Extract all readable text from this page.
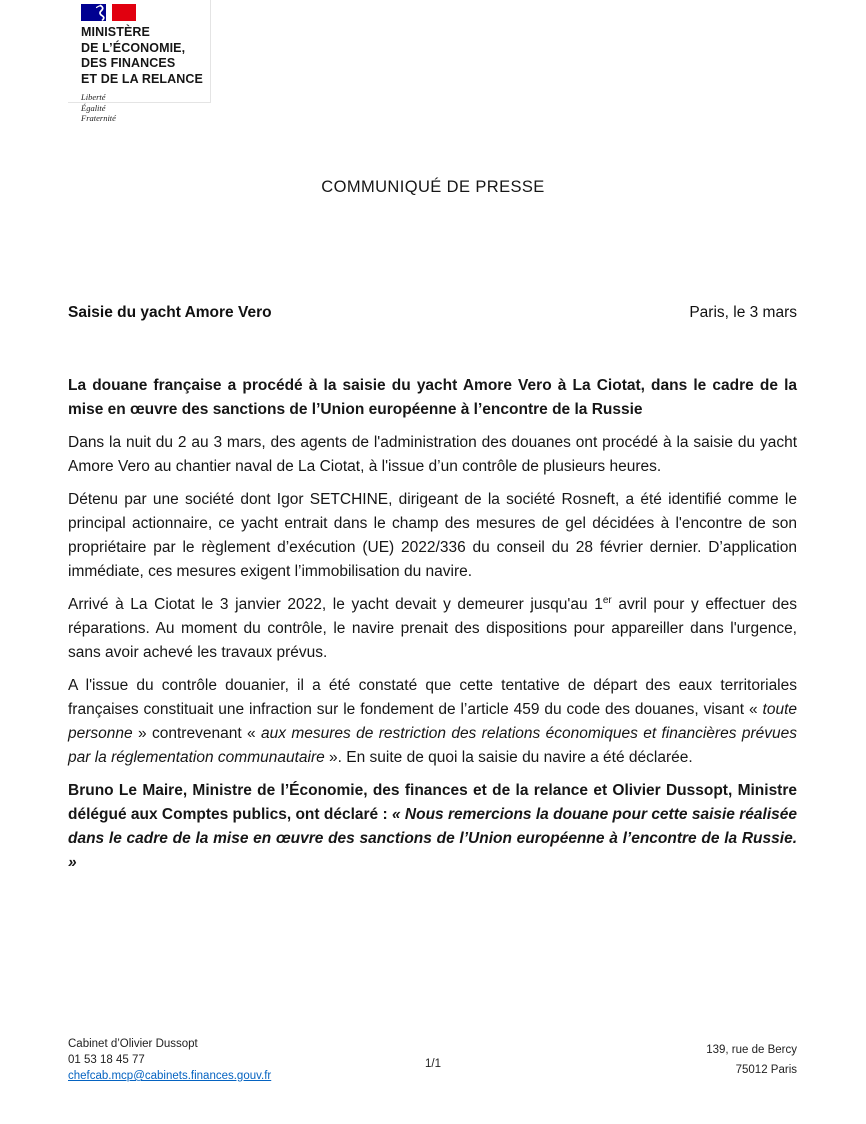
MINISTÈRE
DE L’ÉCONOMIE,
DES FINANCES
ET DE LA RELANCE
Liberté
Égalité
Fraternité
COMMUNIQUÉ DE PRESSE
Saisie du yacht Amore Vero	Paris, le 3 mars

La douane française a procédé à la saisie du yacht Amore Vero à La Ciotat, dans le cadre de la mise en œuvre des sanctions de l’Union européenne à l’encontre de la Russie

Dans la nuit du 2 au 3 mars, des agents de l'administration des douanes ont procédé à la saisie du yacht Amore Vero au chantier naval de La Ciotat, à l'issue d’un contrôle de plusieurs heures.

Détenu par une société dont Igor SETCHINE, dirigeant de la société Rosneft, a été identifié comme le principal actionnaire, ce yacht entrait dans le champ des mesures de gel décidées à l'encontre de son propriétaire par le règlement d’exécution (UE) 2022/336 du conseil du 28 février dernier. D’application immédiate, ces mesures exigent l’immobilisation du navire.

Arrivé à La Ciotat le 3 janvier 2022, le yacht devait y demeurer jusqu'au 1er avril pour y effectuer des réparations. Au moment du contrôle, le navire prenait des dispositions pour appareiller dans l'urgence, sans avoir achevé les travaux prévus.

A l'issue du contrôle douanier, il a été constaté que cette tentative de départ des eaux territoriales françaises constituait une infraction sur le fondement de l’article 459 du code des douanes, visant « toute personne » contrevenant « aux mesures de restriction des relations économiques et financières prévues par la réglementation communautaire ». En suite de quoi la saisie du navire a été déclarée.

Bruno Le Maire, Ministre de l’Économie, des finances et de la relance et Olivier Dussopt, Ministre délégué aux Comptes publics, ont déclaré : « Nous remercions la douane pour cette saisie réalisée dans le cadre de la mise en œuvre des sanctions de l’Union européenne à l’encontre de la Russie. »

Cabinet d’Olivier Dussopt
01 53 18 45 77
chefcab.mcp@cabinets.finances.gouv.fr
1/1
139, rue de Bercy
75012 Paris
